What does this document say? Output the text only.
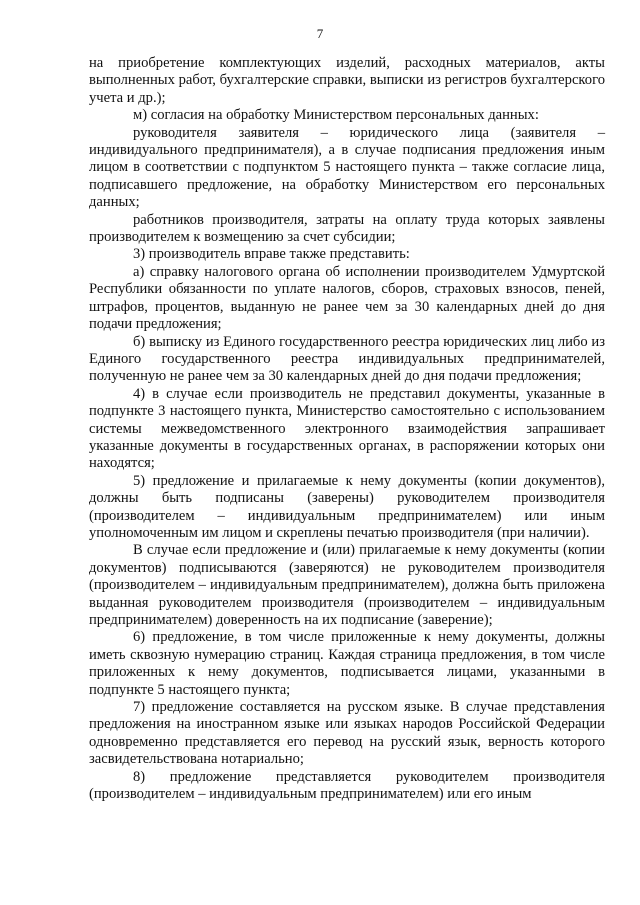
7

на приобретение комплектующих изделий, расходных материалов, акты выполненных работ, бухгалтерские справки, выписки из регистров бухгалтерского учета и др.);

м) согласия на обработку Министерством персональных данных:

руководителя заявителя – юридического лица (заявителя – индивидуального предпринимателя), а в случае подписания предложения иным лицом в соответствии с подпунктом 5 настоящего пункта – также согласие лица, подписавшего предложение, на обработку Министерством его персональных данных;

работников производителя, затраты на оплату труда которых заявлены производителем к возмещению за счет субсидии;

3) производитель вправе также представить:

а) справку налогового органа об исполнении производителем Удмуртской Республики обязанности по уплате налогов, сборов, страховых взносов, пеней, штрафов, процентов, выданную не ранее чем за 30 календарных дней до дня подачи предложения;

б) выписку из Единого государственного реестра юридических лиц либо из Единого государственного реестра индивидуальных предпринимателей, полученную не ранее чем за 30 календарных дней до дня подачи предложения;

4) в случае если производитель не представил документы, указанные в подпункте 3 настоящего пункта, Министерство самостоятельно с использованием системы межведомственного электронного взаимодействия запрашивает указанные документы в государственных органах, в распоряжении которых они находятся;

5) предложение и прилагаемые к нему документы (копии документов), должны быть подписаны (заверены) руководителем производителя (производителем – индивидуальным предпринимателем) или иным уполномоченным им лицом и скреплены печатью производителя (при наличии).

В случае если предложение и (или) прилагаемые к нему документы (копии документов) подписываются (заверяются) не руководителем производителя (производителем – индивидуальным предпринимателем), должна быть приложена выданная руководителем производителя (производителем – индивидуальным предпринимателем) доверенность на их подписание (заверение);

6) предложение, в том числе приложенные к нему документы, должны иметь сквозную нумерацию страниц. Каждая страница предложения, в том числе приложенных к нему документов, подписывается лицами, указанными в подпункте 5 настоящего пункта;

7) предложение составляется на русском языке. В случае представления предложения на иностранном языке или языках народов Российской Федерации одновременно представляется его перевод на русский язык, верность которого засвидетельствована нотариально;

8) предложение представляется руководителем производителя (производителем – индивидуальным предпринимателем) или его иным
